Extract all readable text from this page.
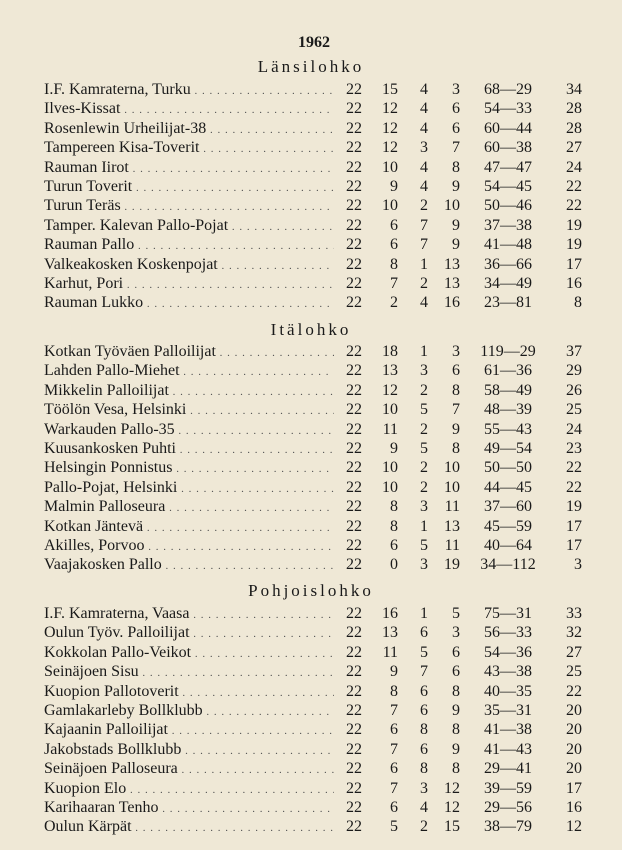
1962
Länsilohko
I.F. Kamraterna, Turku . . .	22	15	4	3	68—29	34
Ilves-Kissat . . .	22	12	4	6	54—33	28
Rosenlewin Urheilijat-38 . . .	22	12	4	6	60—44	28
Tampereen Kisa-Toverit . . .	22	12	3	7	60—38	27
Rauman Iirot . . .	22	10	4	8	47—47	24
Turun Toverit . . .	22	9	4	9	54—45	22
Turun Teräs . . .	22	10	2	10	50—46	22
Tamper. Kalevan Pallo-Pojat . . .	22	6	7	9	37—38	19
Rauman Pallo . . .	22	6	7	9	41—48	19
Valkeakosken Koskenpojat . . .	22	8	1	13	36—66	17
Karhut, Pori . . .	22	7	2	13	34—49	16
Rauman Lukko . . .	22	2	4	16	23—81	8
Itälohko
Kotkan Työväen Palloilijat . . .	22	18	1	3	119—29	37
Lahden Pallo-Miehet . . .	22	13	3	6	61—36	29
Mikkelin Palloilijat . . .	22	12	2	8	58—49	26
Töölön Vesa, Helsinki . . .	22	10	5	7	48—39	25
Warkauden Pallo-35 . . .	22	11	2	9	55—43	24
Kuusankosken Puhti . . .	22	9	5	8	49—54	23
Helsingin Ponnistus . . .	22	10	2	10	50—50	22
Pallo-Pojat, Helsinki . . .	22	10	2	10	44—45	22
Malmin Palloseura . . .	22	8	3	11	37—60	19
Kotkan Jäntevä . . .	22	8	1	13	45—59	17
Akilles, Porvoo . . .	22	6	5	11	40—64	17
Vaajakosken Pallo . . .	22	0	3	19	34—112	3
Pohjoislohko
I.F. Kamraterna, Vaasa . . .	22	16	1	5	75—31	33
Oulun Työv. Palloilijat . . .	22	13	6	3	56—33	32
Kokkolan Pallo-Veikot . . .	22	11	5	6	54—36	27
Seinäjoen Sisu . . .	22	9	7	6	43—38	25
Kuopion Pallotoverit . . .	22	8	6	8	40—35	22
Gamlakarleby Bollklubb . . .	22	7	6	9	35—31	20
Kajaanin Palloilijat . . .	22	6	8	8	41—38	20
Jakobstads Bollklubb . . .	22	7	6	9	41—43	20
Seinäjoen Palloseura . . .	22	6	8	8	29—41	20
Kuopion Elo . . .	22	7	3	12	39—59	17
Karihaaran Tenho . . .	22	6	4	12	29—56	16
Oulun Kärpät . . .	22	5	2	15	38—79	12
